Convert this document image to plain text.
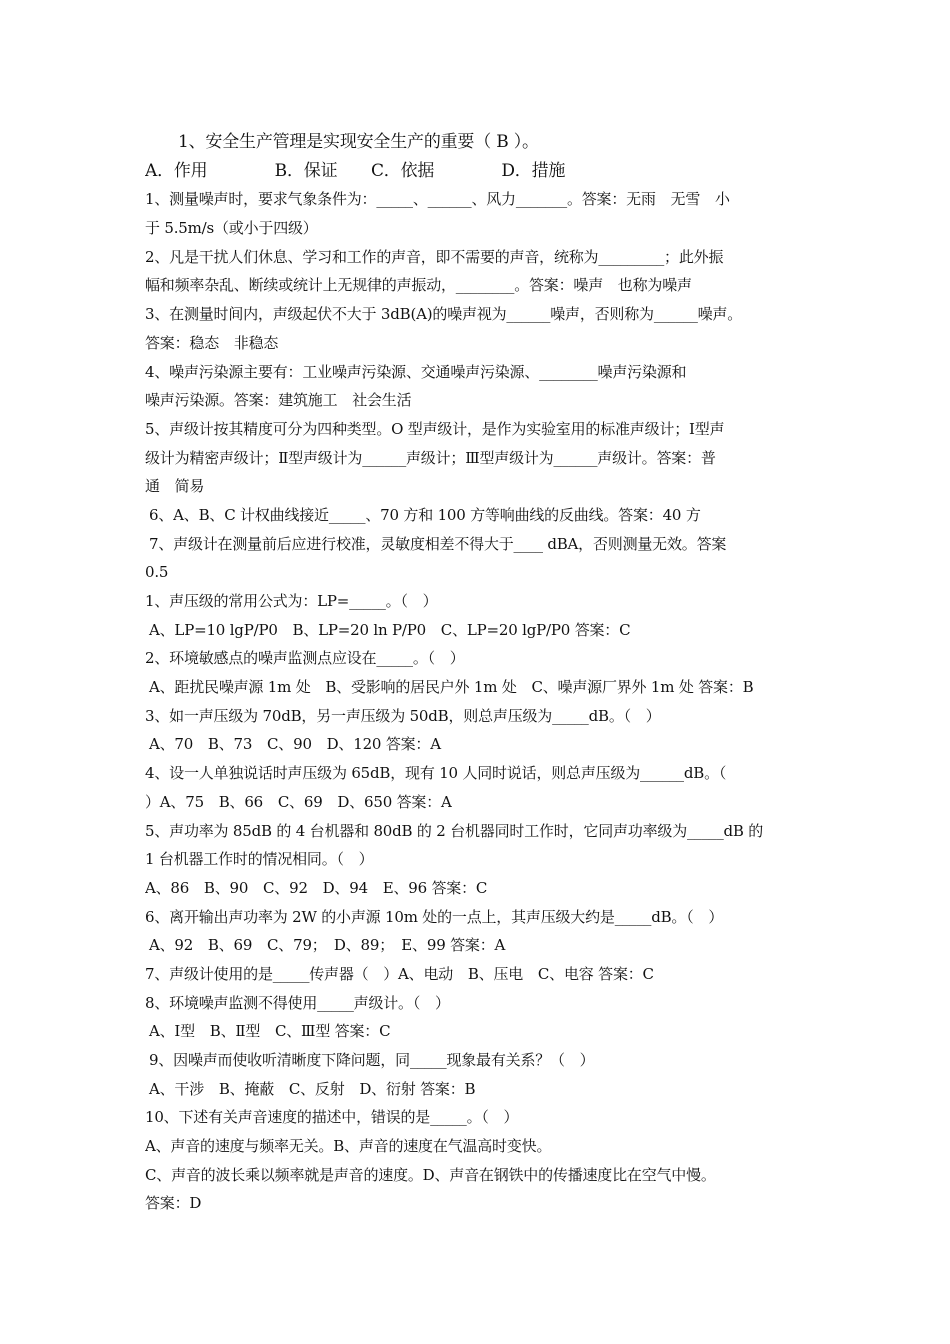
1、安全生产管理是实现安全生产的重要（ B ）。
A．作用　　　　B．保证　　C．依据　　　　D．措施
1、测量噪声时，要求气象条件为：_____、______、风力_______。答案：无雨　无雪　小
于 5.5m/s（或小于四级）
2、凡是干扰人们休息、学习和工作的声音，即不需要的声音，统称为_________；此外振
幅和频率杂乱、断续或统计上无规律的声振动，________。答案：噪声　也称为噪声
3、在测量时间内，声级起伏不大于 3dB(A)的噪声视为______噪声，否则称为______噪声。
答案：稳态　非稳态
4、噪声污染源主要有：工业噪声污染源、交通噪声污染源、________噪声污染源和
噪声污染源。答案：建筑施工　社会生活
5、声级计按其精度可分为四种类型。O 型声级计，是作为实验室用的标准声级计；Ⅰ型声
级计为精密声级计；Ⅱ型声级计为______声级计；Ⅲ型声级计为______声级计。答案：普
通　简易
6、A、B、C 计权曲线接近_____、70 方和 100 方等响曲线的反曲线。答案：40 方
7、声级计在测量前后应进行校准，灵敏度相差不得大于____ dBA，否则测量无效。答案
0.5
1、声压级的常用公式为：LP=_____。（　）
A、LP=10 lgP/P0　B、LP=20 ln P/P0　C、LP=20 lgP/P0 答案：C
2、环境敏感点的噪声监测点应设在_____。（　）
A、距扰民噪声源 1m 处　B、受影响的居民户外 1m 处　C、噪声源厂界外 1m 处 答案：B
3、如一声压级为 70dB，另一声压级为 50dB，则总声压级为_____dB。（　）
A、70　B、73　C、90　D、120 答案：A
4、设一人单独说话时声压级为 65dB，现有 10 人同时说话，则总声压级为______dB。（
）A、75　B、66　C、69　D、650 答案：A
5、声功率为 85dB 的 4 台机器和 80dB 的 2 台机器同时工作时，它同声功率级为_____dB 的
1 台机器工作时的情况相同。（　）
A、86　B、90　C、92　D、94　E、96 答案：C
6、离开输出声功率为 2W 的小声源 10m 处的一点上，其声压级大约是_____dB。（　）
A、92　B、69　C、79；　D、89；　E、99 答案：A
7、声级计使用的是_____传声器（　）A、电动　B、压电　C、电容 答案：C
8、环境噪声监测不得使用_____声级计。（　）
A、Ⅰ型　B、Ⅱ型　C、Ⅲ型 答案：C
9、因噪声而使收听清晰度下降问题，同_____现象最有关系？（　）
A、干涉　B、掩蔽　C、反射　D、衍射 答案：B
10、下述有关声音速度的描述中，错误的是_____。（　）
A、声音的速度与频率无关。B、声音的速度在气温高时变快。
C、声音的波长乘以频率就是声音的速度。D、声音在钢铁中的传播速度比在空气中慢。
答案：D
